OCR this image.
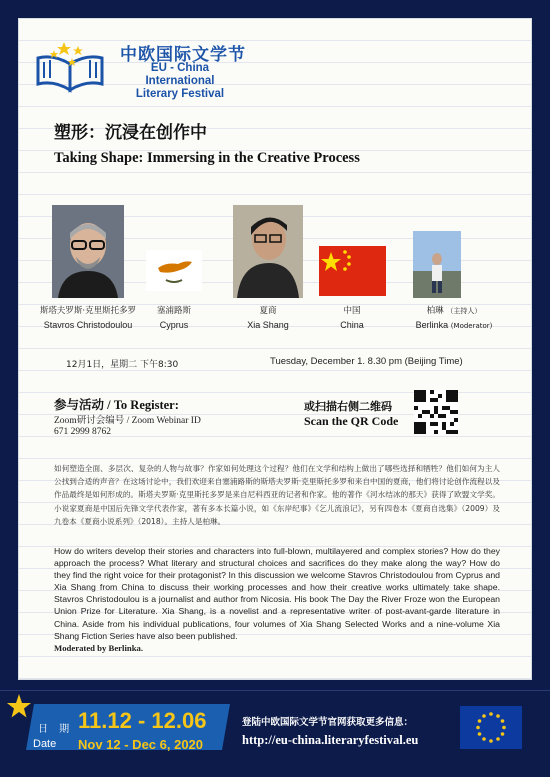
中欧国际文学节
EU - China International
Literary Festival
塑形：沉浸在创作中
Taking Shape: Immersing in the Creative Process
斯塔夫罗斯·克里斯托多罗
Stavros Christodoulou
塞浦路斯
Cyprus
夏商
Xia Shang
中国
China
柏琳 （主持人）
Berlinka (Moderator)
12月1日，星期二 下午8:30	Tuesday, December 1. 8.30 pm (Beijing Time)
参与活动 / To Register:
Zoom研讨会编号 / Zoom Webinar ID
671 2999 8762
或扫描右侧二维码
Scan the QR Code
如何塑造全面、多层次、复杂的人物与故事？作家如何处理这个过程？他们在文学和结构上做出了哪些选择和牺牲？他们如何为主人公找到合适的声音？在这场讨论中，我们欢迎来自塞浦路斯的斯塔夫罗斯·克里斯托多罗和来自中国的夏商，他们将讨论创作流程以及作品最终是如何形成的。斯塔夫罗斯·克里斯托多罗是来自尼科西亚的记者和作家。他的著作《河水结冰的那天》获得了欧盟文学奖。小说家夏商是中国后先锋文学代表作家，著有多本长篇小说，如《东岸纪事》《乞儿流浪记》，另有四卷本《夏商自选集》（2009）及九卷本《夏商小说系列》（2018）。主持人是柏琳。
How do writers develop their stories and characters into full-blown, multilayered and complex stories? How do they approach the process? What literary and structural choices and sacrifices do they make along the way? How do they find the right voice for their protagonist? In this discussion we welcome Stavros Christodoulou from Cyprus and Xia Shang from China to discuss their working processes and how their creative works ultimately take shape. Stavros Christodoulou is a journalist and author from Nicosia. His book The Day the River Froze won the European Union Prize for Literature. Xia Shang, is a novelist and a representative writer of post-avant-garde literature in China. Aside from his individual publications, four volumes of Xia Shang Selected Works and a nine-volume Xia Shang Fiction Series have also been published.
Moderated by Berlinka.
日 期
Date
11.12 - 12.06
Nov 12 - Dec 6, 2020
登陆中欧国际文学节官网获取更多信息：
http://eu-china.literaryfestival.eu
